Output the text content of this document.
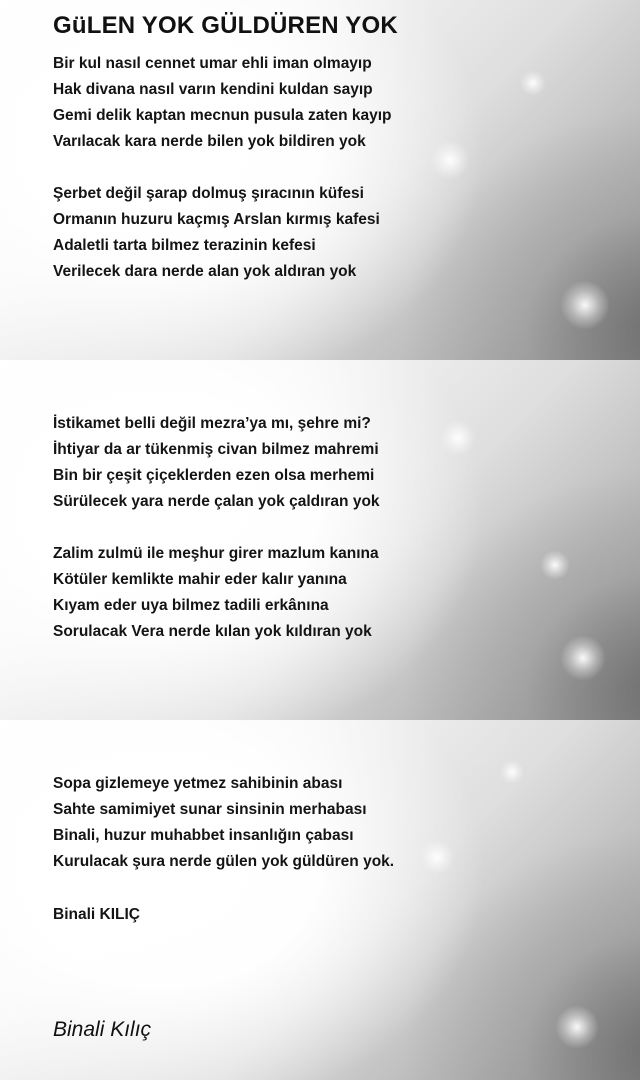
GüLEN YOK GÜLDÜREN YOK
Bir kul nasıl cennet umar ehli iman olmayıp
Hak divana nasıl varın kendini kuldan sayıp
Gemi delik kaptan mecnun pusula zaten kayıp
Varılacak kara nerde bilen yok bildiren yok
Şerbet değil şarap dolmuş şıracının küfesi
Ormanın huzuru kaçmış Arslan kırmış kafesi
Adaletli tarta bilmez terazinin kefesi
Verilecek dara nerde alan yok aldıran yok
İstikamet belli değil mezra’ya mı, şehre mi?
İhtiyar da ar tükenmiş civan bilmez mahremi
Bin bir çeşit çiçeklerden ezen olsa merhemi
Sürülecek yara nerde çalan yok çaldıran yok
Zalim zulmü ile meşhur girer mazlum kanına
Kötüler kemlikte mahir eder kalır yanına
Kıyam eder uya bilmez tadili erkânına
Sorulacak Vera nerde kılan yok kıldıran yok
Sopa gizlemeye yetmez sahibinin abası
Sahte samimiyet sunar sinsinin merhabası
Binali, huzur muhabbet insanlığın çabası
Kurulacak şura nerde gülen yok güldüren yok.
Binali KILIÇ
Binali Kılıç
